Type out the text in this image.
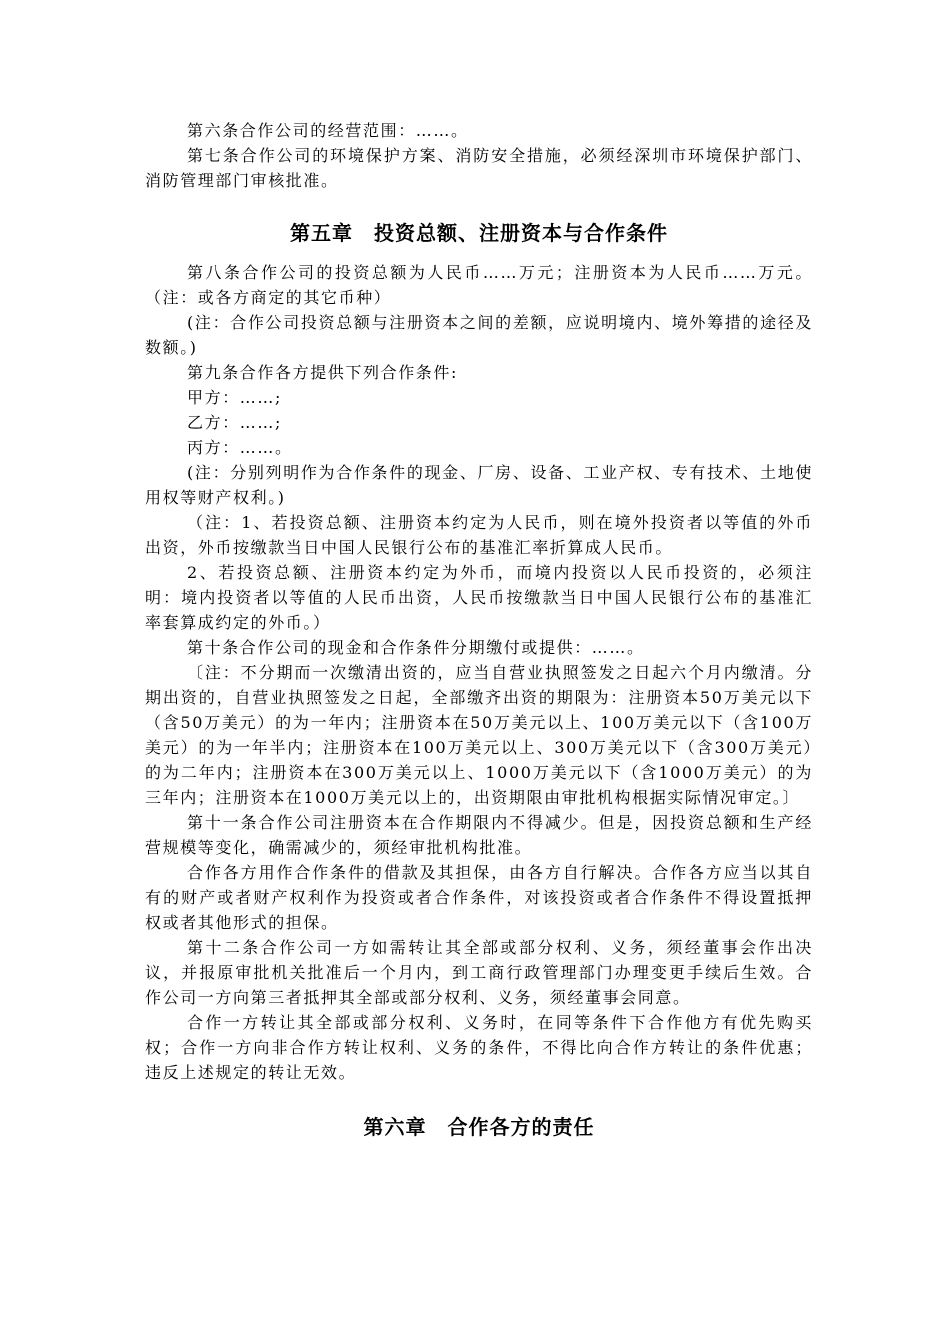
第六条合作公司的经营范围：……。

第七条合作公司的环境保护方案、消防安全措施，必须经深圳市环境保护部门、消防管理部门审核批准。

第五章　投资总额、注册资本与合作条件

第八条合作公司的投资总额为人民币……万元；注册资本为人民币……万元。（注：或各方商定的其它币种）

(注：合作公司投资总额与注册资本之间的差额，应说明境内、境外筹措的途径及数额。)

第九条合作各方提供下列合作条件:

甲方：……;

乙方：……;

丙方：……。

(注：分别列明作为合作条件的现金、厂房、设备、工业产权、专有技术、土地使用权等财产权利。)

（注：1、若投资总额、注册资本约定为人民币，则在境外投资者以等值的外币出资，外币按缴款当日中国人民银行公布的基准汇率折算成人民币。

2、若投资总额、注册资本约定为外币，而境内投资以人民币投资的，必须注明：境内投资者以等值的人民币出资，人民币按缴款当日中国人民银行公布的基准汇率套算成约定的外币。）

第十条合作公司的现金和合作条件分期缴付或提供：……。

〔注：不分期而一次缴清出资的，应当自营业执照签发之日起六个月内缴清。分期出资的，自营业执照签发之日起，全部缴齐出资的期限为：注册资本50万美元以下（含50万美元）的为一年内；注册资本在50万美元以上、100万美元以下（含100万美元）的为一年半内；注册资本在100万美元以上、300万美元以下（含300万美元）的为二年内；注册资本在300万美元以上、1000万美元以下（含1000万美元）的为三年内；注册资本在1000万美元以上的，出资期限由审批机构根据实际情况审定。〕

第十一条合作公司注册资本在合作期限内不得减少。但是，因投资总额和生产经营规模等变化，确需减少的，须经审批机构批准。

合作各方用作合作条件的借款及其担保，由各方自行解决。合作各方应当以其自有的财产或者财产权利作为投资或者合作条件，对该投资或者合作条件不得设置抵押权或者其他形式的担保。

第十二条合作公司一方如需转让其全部或部分权利、义务，须经董事会作出决议，并报原审批机关批准后一个月内，到工商行政管理部门办理变更手续后生效。合作公司一方向第三者抵押其全部或部分权利、义务，须经董事会同意。

合作一方转让其全部或部分权利、义务时，在同等条件下合作他方有优先购买权；合作一方向非合作方转让权利、义务的条件，不得比向合作方转让的条件优惠；违反上述规定的转让无效。

第六章　合作各方的责任
